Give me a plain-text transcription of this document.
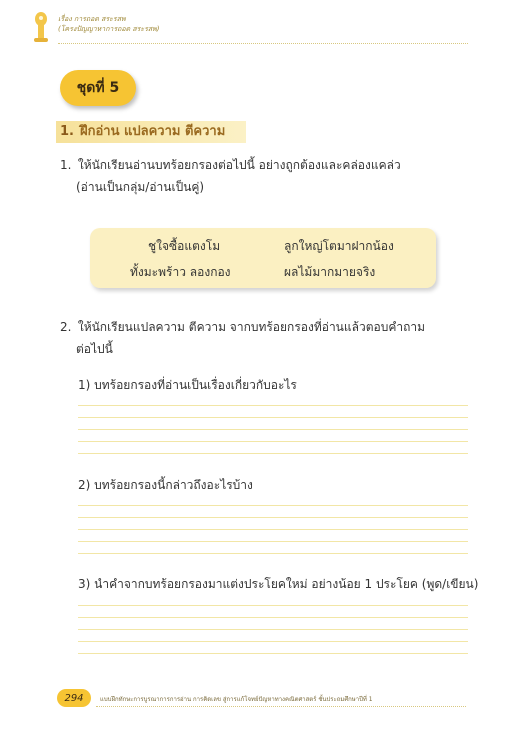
เรื่อง การถอด สระรสพ
(โครงปัญญาหาการถอด สระรสพ)
ชุดที่ 5
1. ฝึกอ่าน แปลความ ตีความ
1. ให้นักเรียนอ่านบทร้อยกรองต่อไปนี้ อย่างถูกต้องและคล่องแคล่ว
(อ่านเป็นกลุ่ม/อ่านเป็นคู่)
ชูใจซื้อแตงโม	ลูกใหญ่โตมาฝากน้อง
ทั้งมะพร้าว ลองกอง	ผลไม้มากมายจริง
2. ให้นักเรียนแปลความ ตีความ จากบทร้อยกรองที่อ่านแล้วตอบคำถาม
ต่อไปนี้
1) บทร้อยกรองที่อ่านเป็นเรื่องเกี่ยวกับอะไร
2) บทร้อยกรองนี้กล่าวถึงอะไรบ้าง
3) นำคำจากบทร้อยกรองมาแต่งประโยคใหม่ อย่างน้อย 1 ประโยค (พูด/เขียน)
294	แบบฝึกทักษะการบูรณาการการอ่าน การคิดเลข สู่การแก้โจทย์ปัญหาทางคณิตศาสตร์ ชั้นประถมศึกษาปีที่ 1
